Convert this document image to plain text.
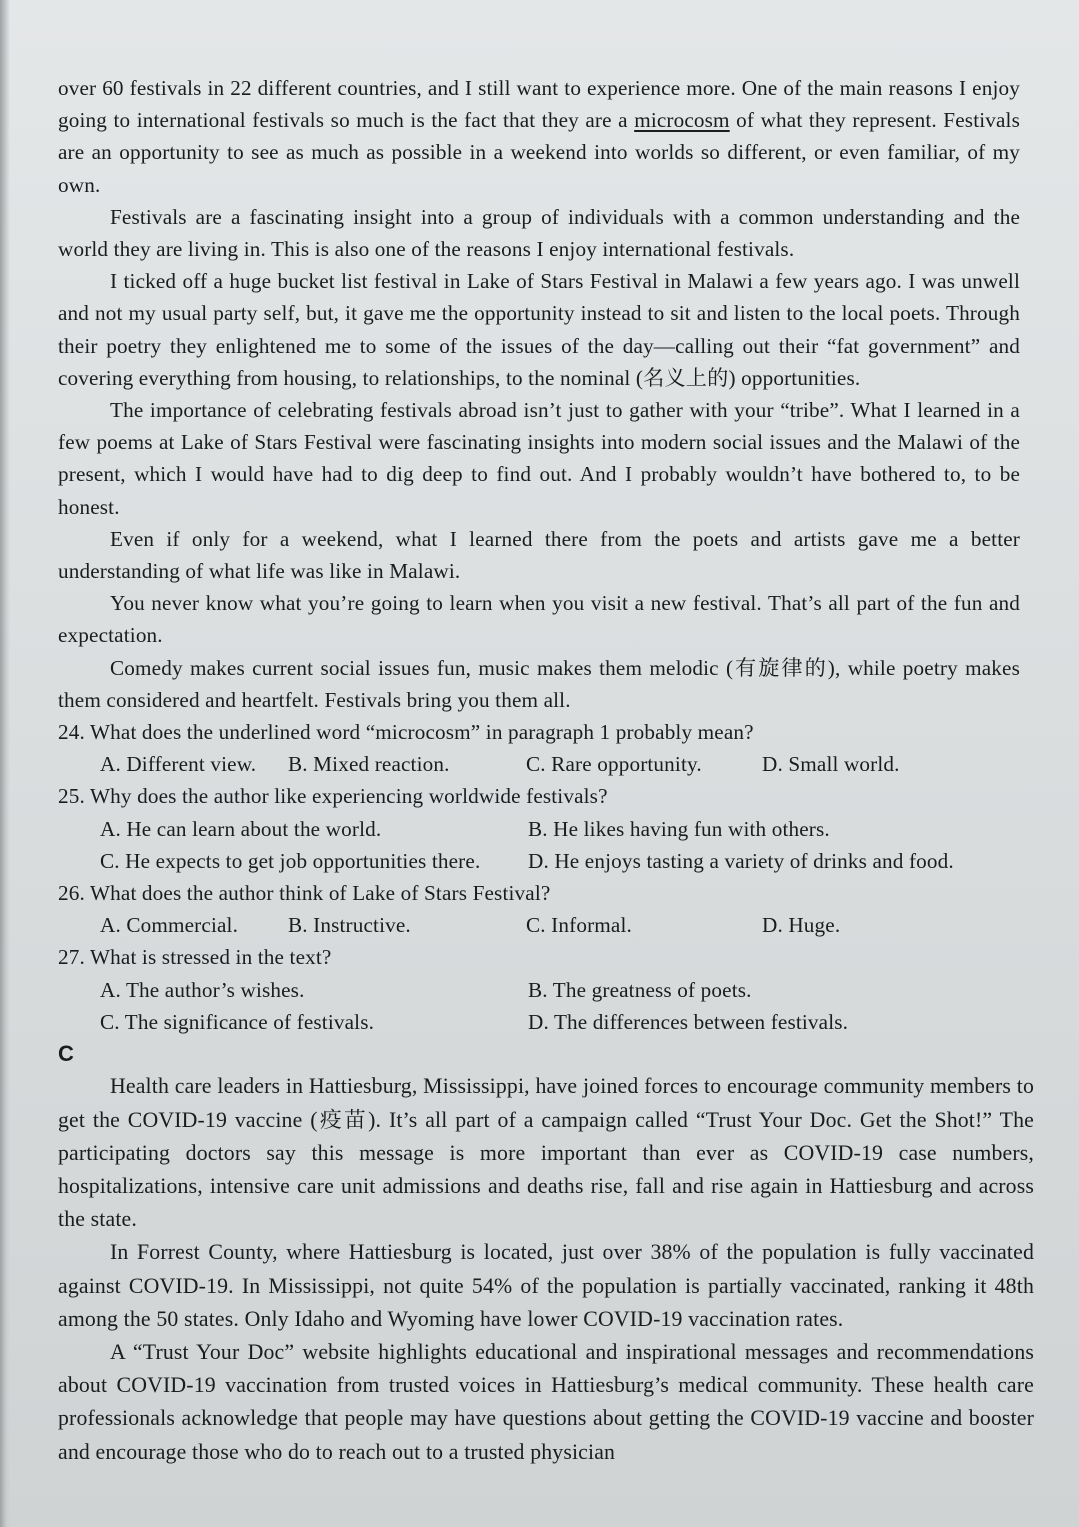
over 60 festivals in 22 different countries, and I still want to experience more. One of the main reasons I enjoy going to international festivals so much is the fact that they are a microcosm of what they represent. Festivals are an opportunity to see as much as possible in a weekend into worlds so different, or even familiar, of my own.

Festivals are a fascinating insight into a group of individuals with a common understanding and the world they are living in. This is also one of the reasons I enjoy international festivals.

I ticked off a huge bucket list festival in Lake of Stars Festival in Malawi a few years ago. I was unwell and not my usual party self, but, it gave me the opportunity instead to sit and listen to the local poets. Through their poetry they enlightened me to some of the issues of the day—calling out their “fat government” and covering everything from housing, to relationships, to the nominal (名义上的) opportunities.

The importance of celebrating festivals abroad isn’t just to gather with your “tribe”. What I learned in a few poems at Lake of Stars Festival were fascinating insights into modern social issues and the Malawi of the present, which I would have had to dig deep to find out. And I probably wouldn’t have bothered to, to be honest.

Even if only for a weekend, what I learned there from the poets and artists gave me a better understanding of what life was like in Malawi.

You never know what you’re going to learn when you visit a new festival. That’s all part of the fun and expectation.

Comedy makes current social issues fun, music makes them melodic (有旋律的), while poetry makes them considered and heartfelt. Festivals bring you them all.

24. What does the underlined word “microcosm” in paragraph 1 probably mean?

A. Different view.	B. Mixed reaction.	C. Rare opportunity.	D. Small world.

25. Why does the author like experiencing worldwide festivals?

A. He can learn about the world.	B. He likes having fun with others.
C. He expects to get job opportunities there.	D. He enjoys tasting a variety of drinks and food.

26. What does the author think of Lake of Stars Festival?

A. Commercial.	B. Instructive.	C. Informal.	D. Huge.

27. What is stressed in the text?

A. The author’s wishes.	B. The greatness of poets.
C. The significance of festivals.	D. The differences between festivals.

C

Health care leaders in Hattiesburg, Mississippi, have joined forces to encourage community members to get the COVID-19 vaccine (疫苗). It’s all part of a campaign called “Trust Your Doc. Get the Shot!” The participating doctors say this message is more important than ever as COVID-19 case numbers, hospitalizations, intensive care unit admissions and deaths rise, fall and rise again in Hattiesburg and across the state.

In Forrest County, where Hattiesburg is located, just over 38% of the population is fully vaccinated against COVID-19. In Mississippi, not quite 54% of the population is partially vaccinated, ranking it 48th among the 50 states. Only Idaho and Wyoming have lower COVID-19 vaccination rates.

A “Trust Your Doc” website highlights educational and inspirational messages and recommendations about COVID-19 vaccination from trusted voices in Hattiesburg’s medical community. These health care professionals acknowledge that people may have questions about getting the COVID-19 vaccine and booster and encourage those who do to reach out to a trusted physician
